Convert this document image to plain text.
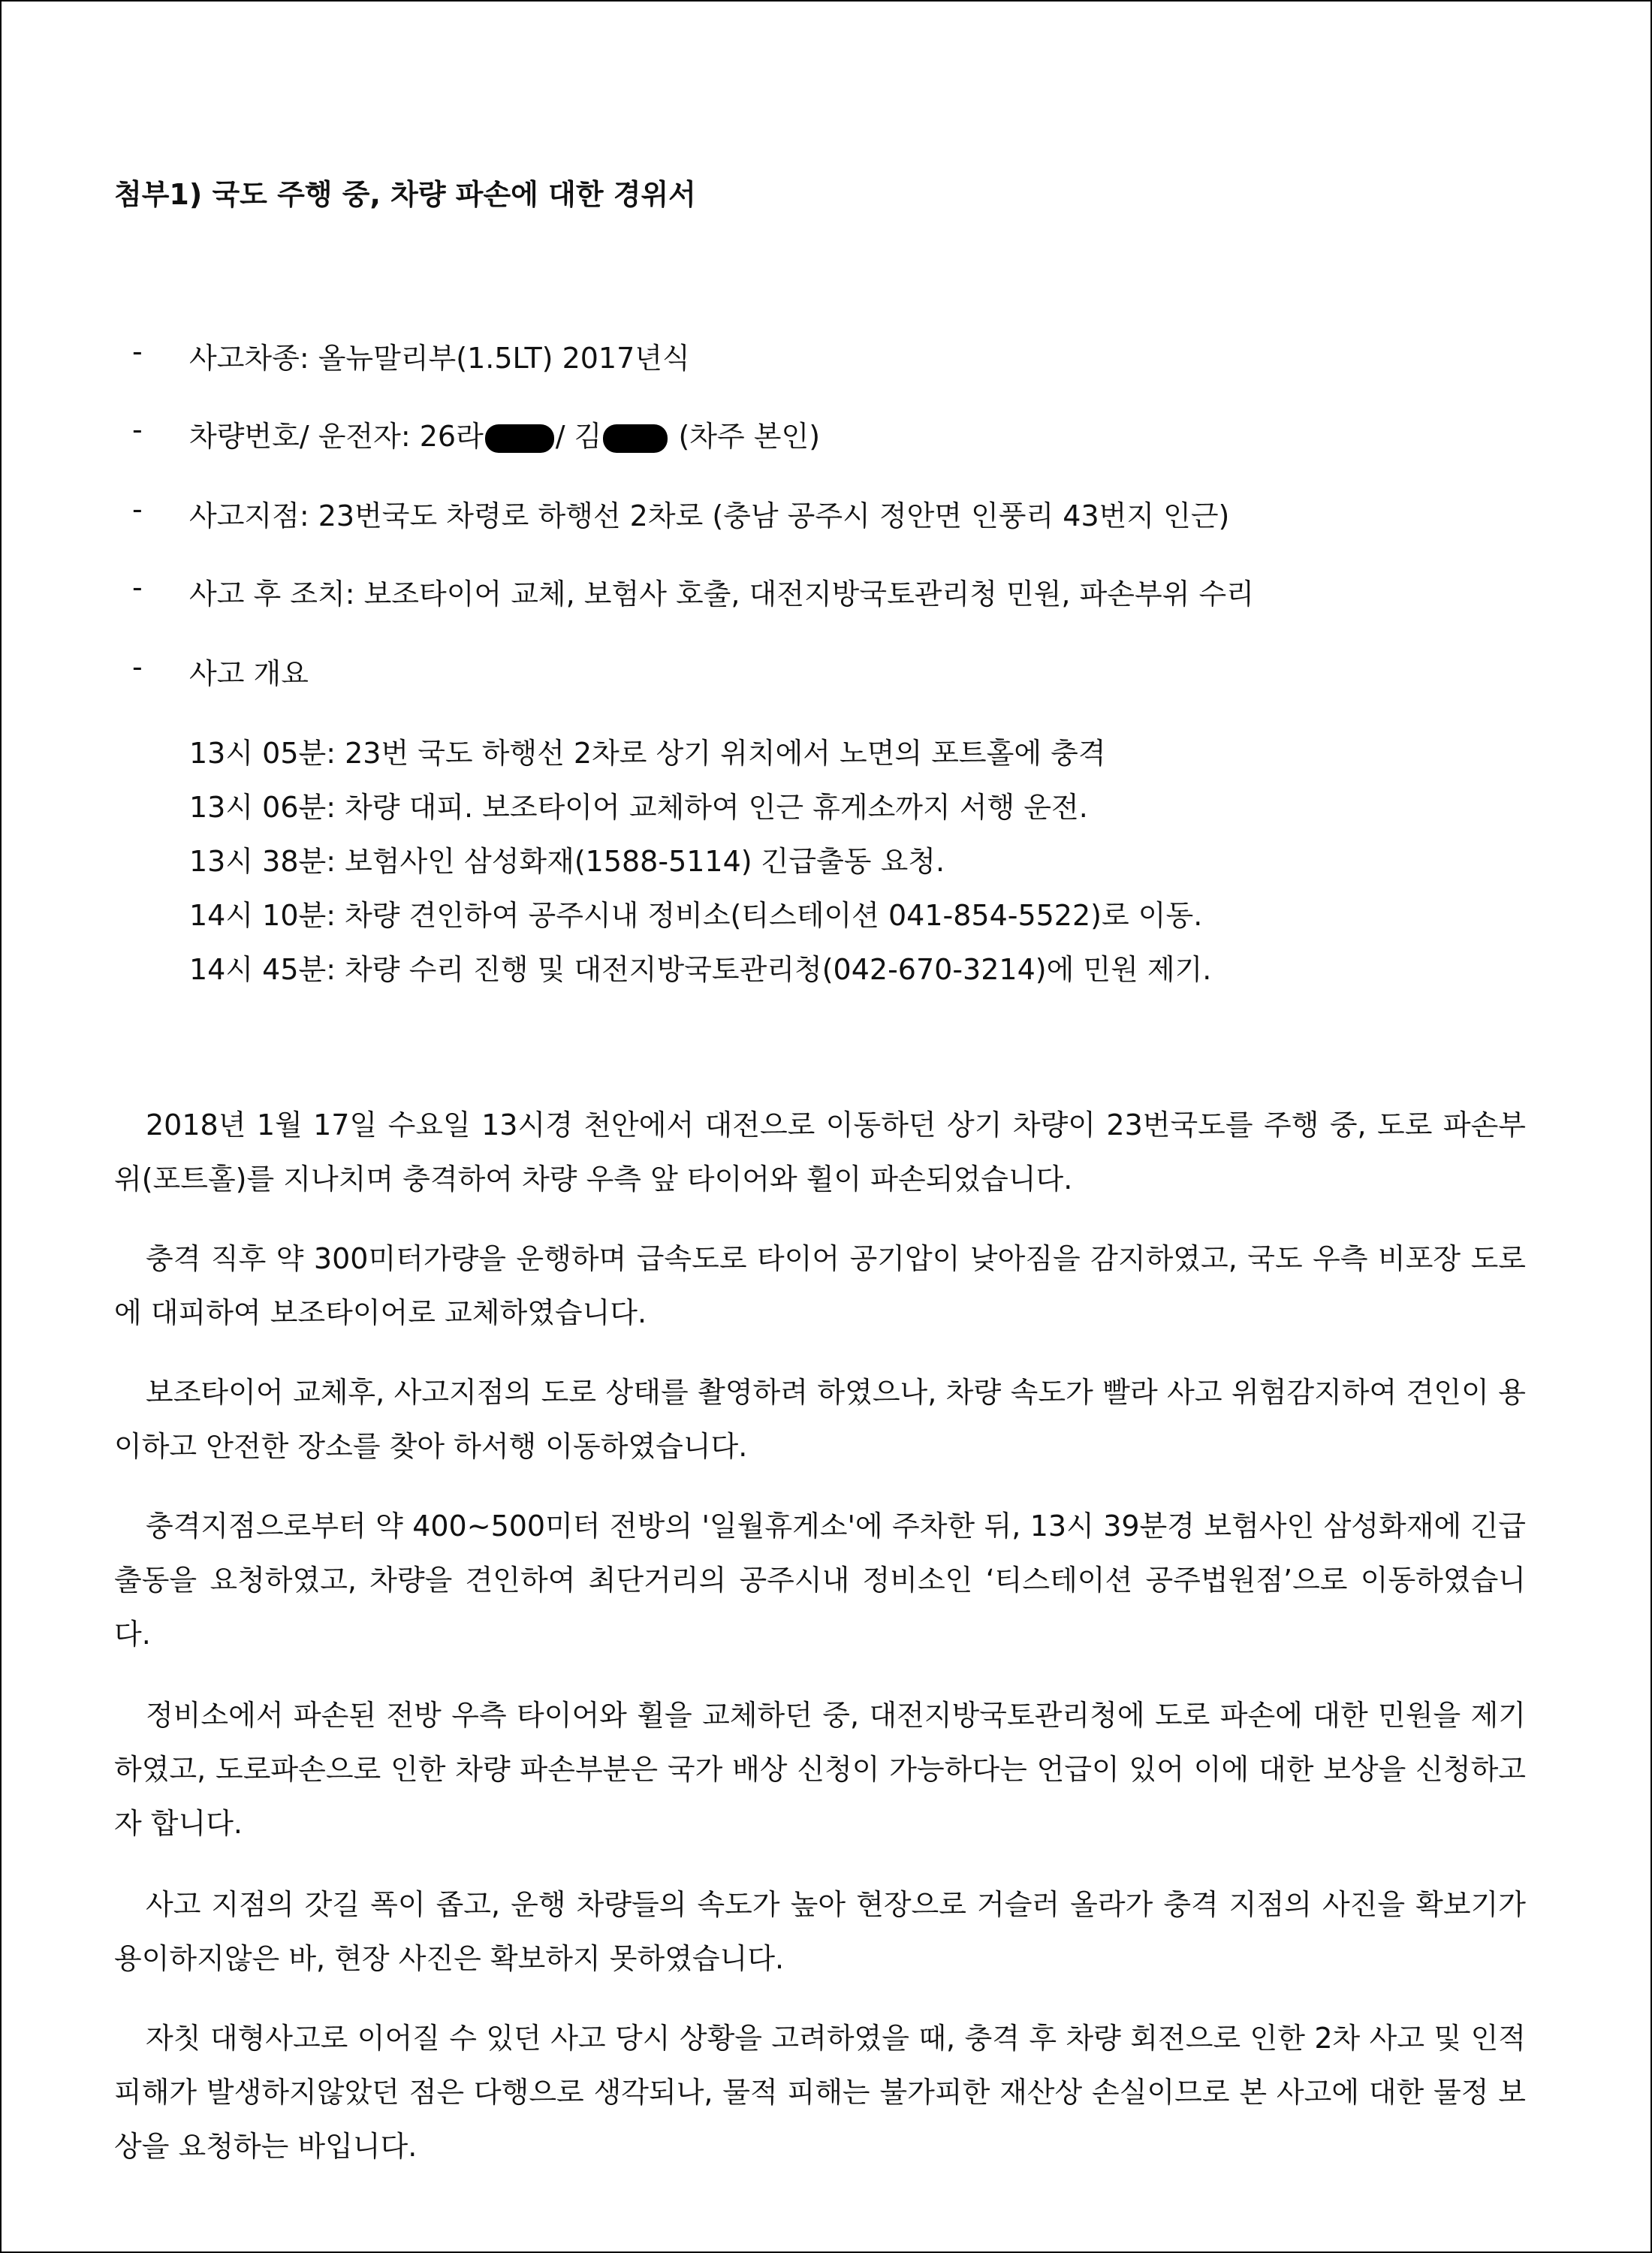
첨부1) 국도 주행 중, 차량 파손에 대한 경위서
- 사고차종: 올뉴말리부(1.5LT) 2017년식
- 차량번호/ 운전자: 26라	/ 김	(차주 본인)
- 사고지점: 23번국도 차령로 하행선 2차로 (충남 공주시 정안면 인풍리 43번지 인근)
- 사고 후 조치: 보조타이어 교체, 보험사 호출, 대전지방국토관리청 민원, 파손부위 수리
- 사고 개요
13시 05분: 23번 국도 하행선 2차로 상기 위치에서 노면의 포트홀에 충격
13시 06분: 차량 대피. 보조타이어 교체하여 인근 휴게소까지 서행 운전.
13시 38분: 보험사인 삼성화재(1588-5114) 긴급출동 요청.
14시 10분: 차량 견인하여 공주시내 정비소(티스테이션 041-854-5522)로 이동.
14시 45분: 차량 수리 진행 및 대전지방국토관리청(042-670-3214)에 민원 제기.

2018년 1월 17일 수요일 13시경 천안에서 대전으로 이동하던 상기 차량이 23번국도를 주행 중, 도로 파손부위(포트홀)를 지나치며 충격하여 차량 우측 앞 타이어와 휠이 파손되었습니다.

충격 직후 약 300미터가량을 운행하며 급속도로 타이어 공기압이 낮아짐을 감지하였고, 국도 우측 비포장 도로에 대피하여 보조타이어로 교체하였습니다.

보조타이어 교체후, 사고지점의 도로 상태를 촬영하려 하였으나, 차량 속도가 빨라 사고 위험감지하여 견인이 용이하고 안전한 장소를 찾아 하서행 이동하였습니다.

충격지점으로부터 약 400~500미터 전방의 '일월휴게소'에 주차한 뒤, 13시 39분경 보험사인 삼성화재에 긴급출동을 요청하였고, 차량을 견인하여 최단거리의 공주시내 정비소인 ‘티스테이션 공주법원점’으로 이동하였습니다.

정비소에서 파손된 전방 우측 타이어와 휠을 교체하던 중, 대전지방국토관리청에 도로 파손에 대한 민원을 제기하였고, 도로파손으로 인한 차량 파손부분은 국가 배상 신청이 가능하다는 언급이 있어 이에 대한 보상을 신청하고자 합니다.

사고 지점의 갓길 폭이 좁고, 운행 차량들의 속도가 높아 현장으로 거슬러 올라가 충격 지점의 사진을 확보기가 용이하지않은 바, 현장 사진은 확보하지 못하였습니다.

자칫 대형사고로 이어질 수 있던 사고 당시 상황을 고려하였을 때, 충격 후 차량 회전으로 인한 2차 사고 및 인적 피해가 발생하지않았던 점은 다행으로 생각되나, 물적 피해는 불가피한 재산상 손실이므로 본 사고에 대한 물정 보상을 요청하는 바입니다.
